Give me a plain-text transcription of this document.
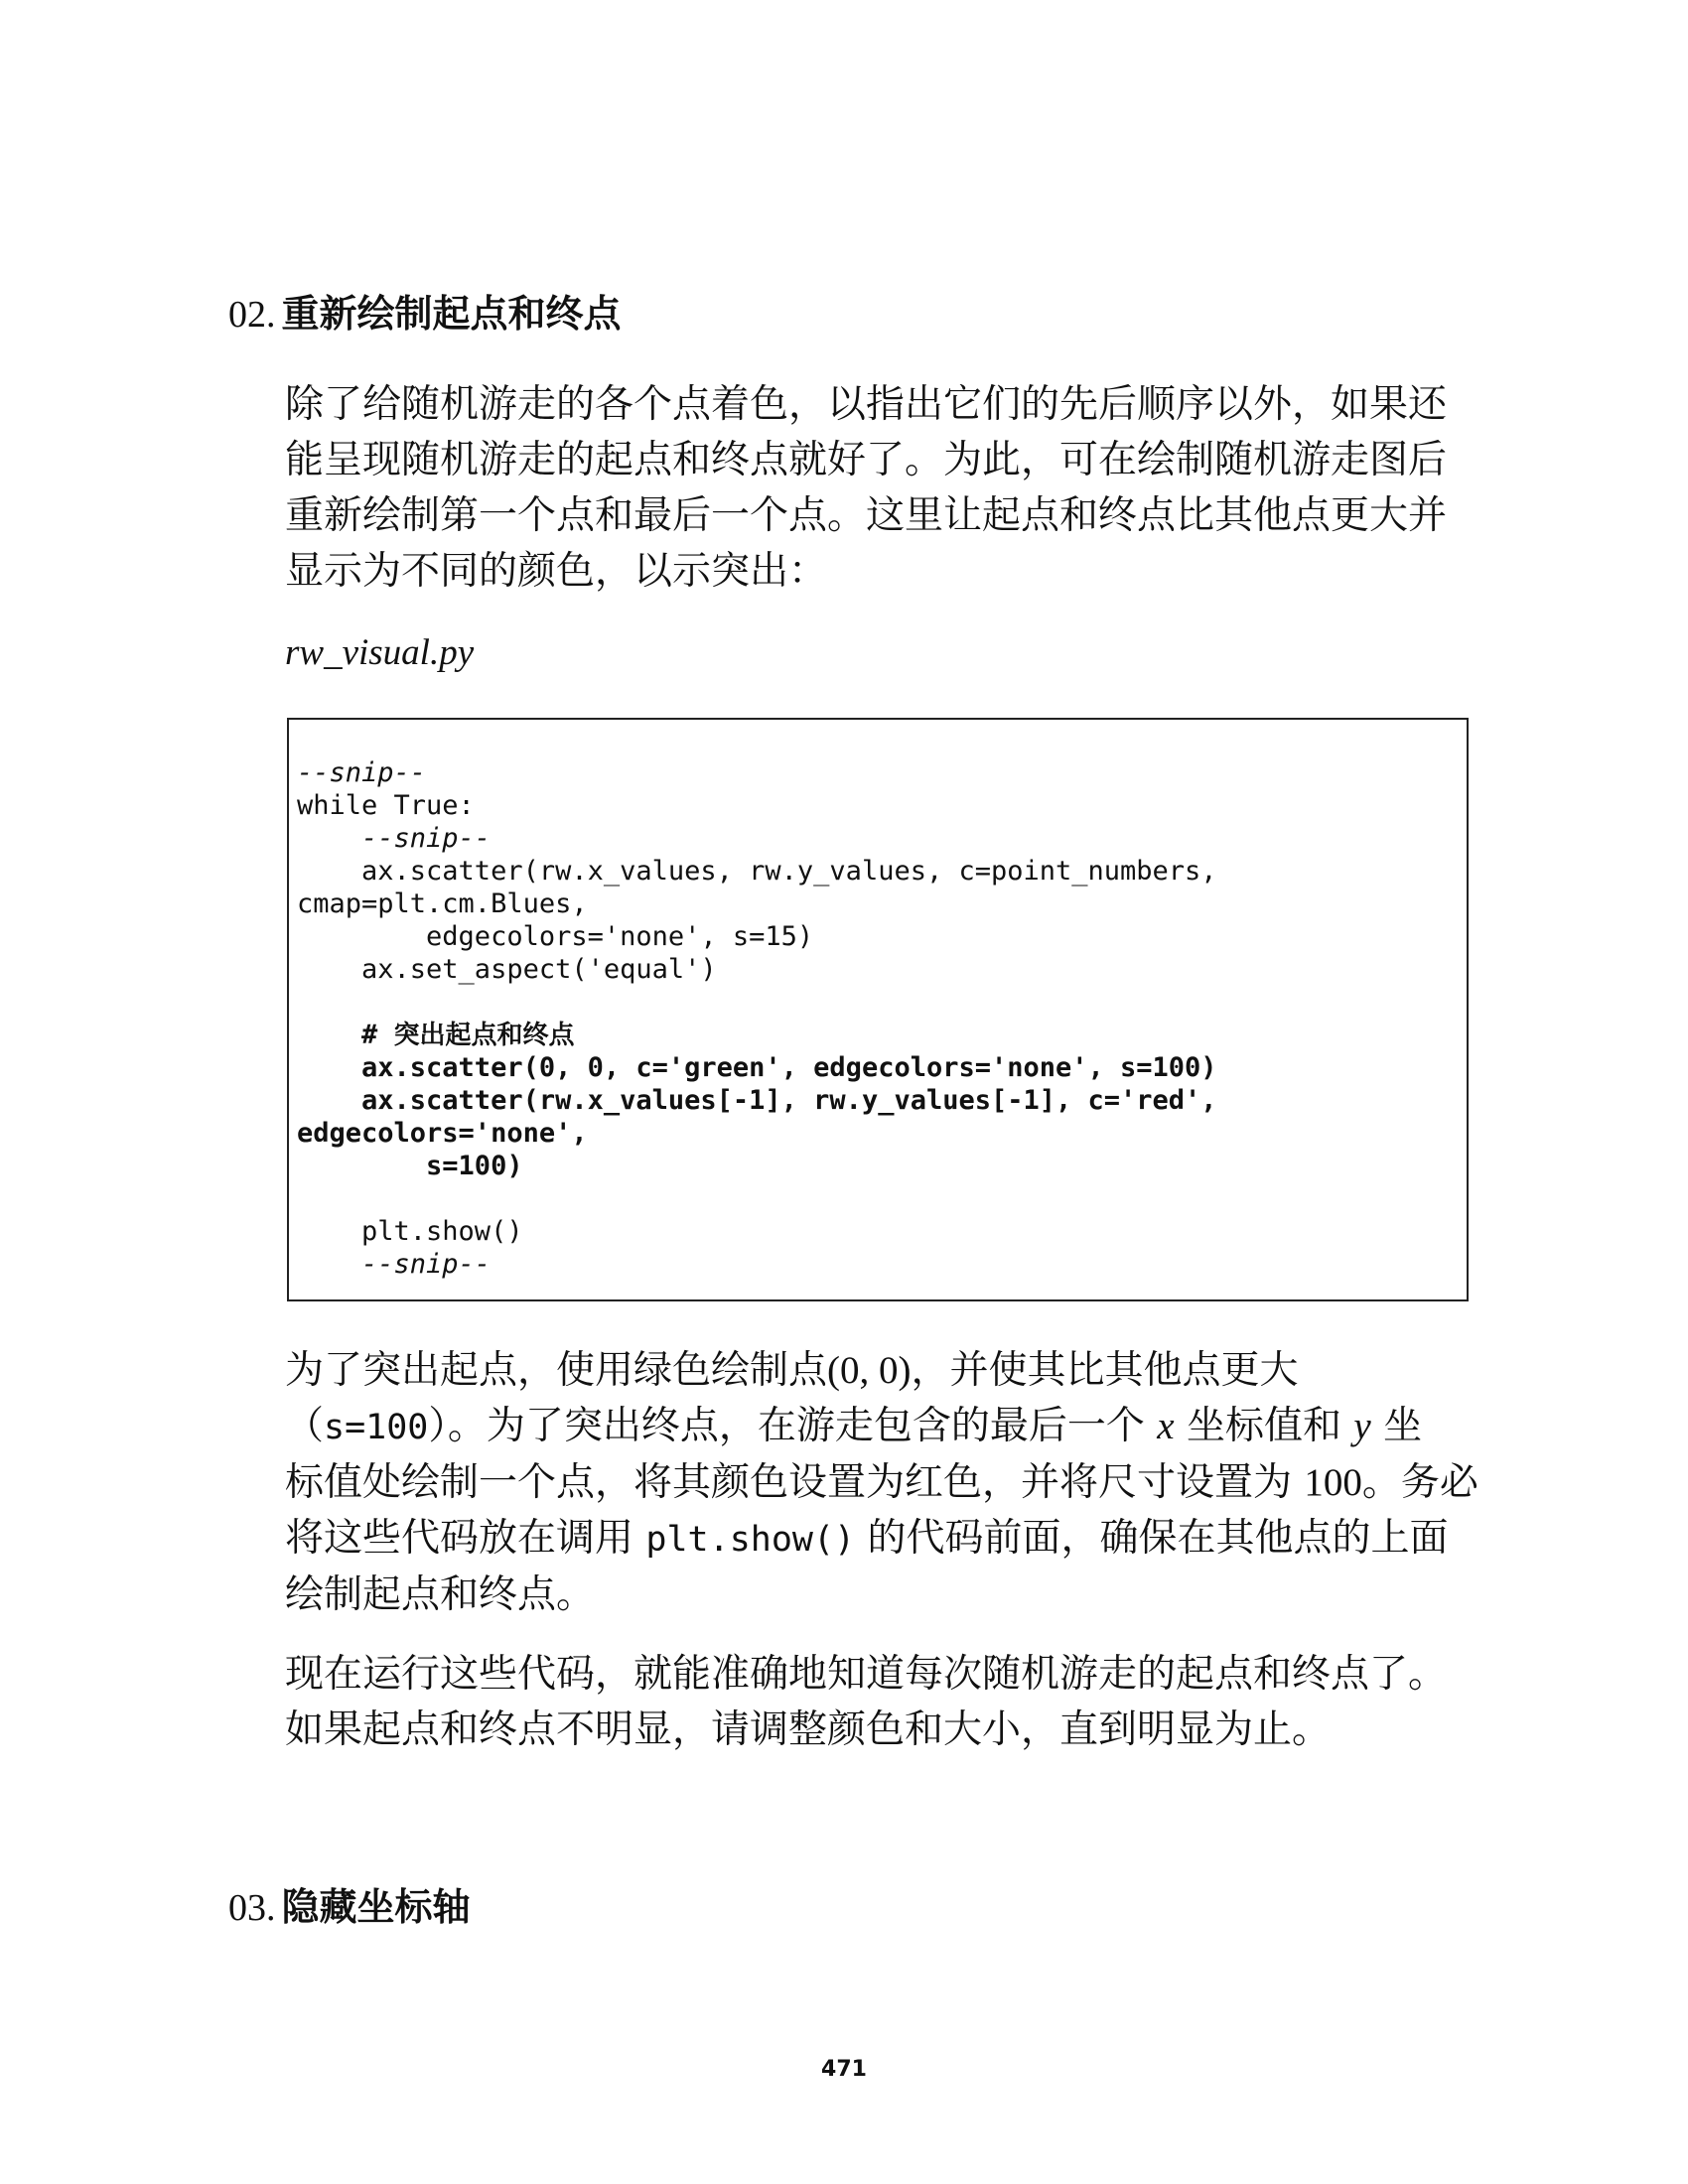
02. 重新绘制起点和终点
除了给随机游走的各个点着色，以指出它们的先后顺序以外，如果还
能呈现随机游走的起点和终点就好了。为此，可在绘制随机游走图后
重新绘制第一个点和最后一个点。这里让起点和终点比其他点更大并
显示为不同的颜色，以示突出：
rw_visual.py
--snip--
while True:
--snip--
ax.scatter(rw.x_values, rw.y_values, c=point_numbers,
cmap=plt.cm.Blues,
edgecolors='none', s=15)
ax.set_aspect('equal')
# 突出起点和终点
ax.scatter(0, 0, c='green', edgecolors='none', s=100)
ax.scatter(rw.x_values[-1], rw.y_values[-1], c='red',
edgecolors='none',
s=100)
plt.show()
--snip--
为了突出起点，使用绿色绘制点(0, 0)，并使其比其他点更大
（s=100）。为了突出终点，在游走包含的最后一个 x 坐标值和 y 坐
标值处绘制一个点，将其颜色设置为红色，并将尺寸设置为 100。务必
将这些代码放在调用 plt.show() 的代码前面，确保在其他点的上面
绘制起点和终点。
现在运行这些代码，就能准确地知道每次随机游走的起点和终点了。
如果起点和终点不明显，请调整颜色和大小，直到明显为止。
03. 隐藏坐标轴
471
